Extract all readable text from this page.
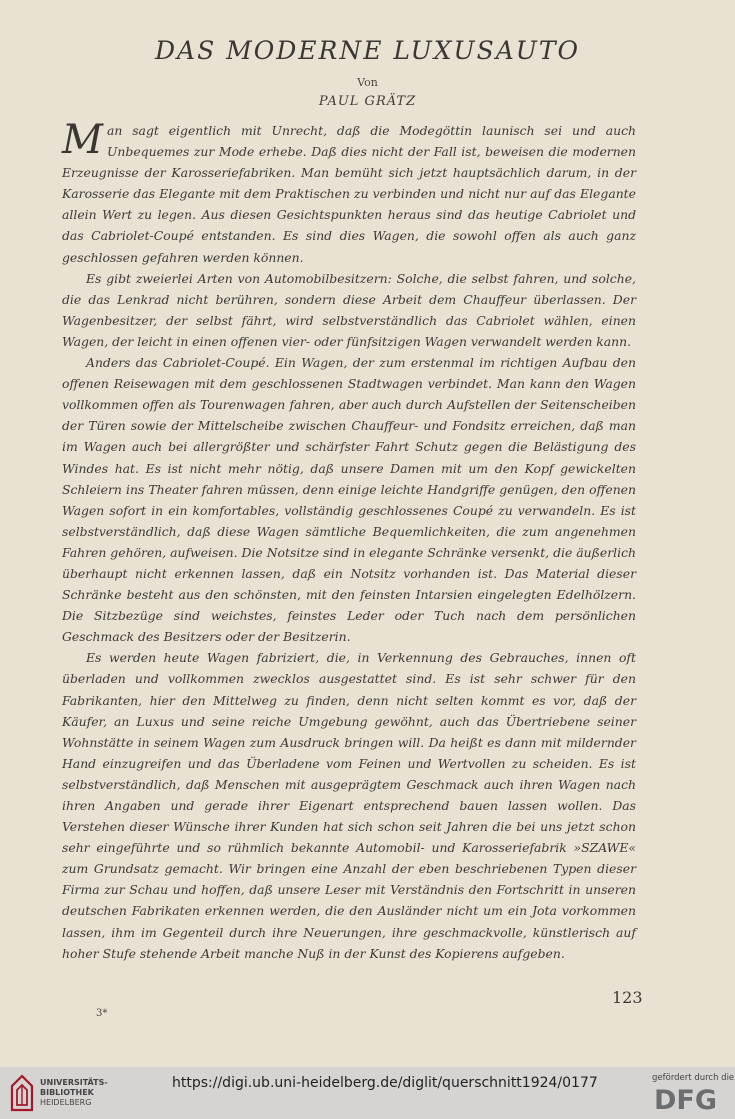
DAS MODERNE LUXUSAUTO
Von
PAUL GRÄTZ

Man sagt eigentlich mit Unrecht, daß die Modegöttin launisch sei und auch Unbequemes zur Mode erhebe. Daß dies nicht der Fall ist, beweisen die modernen Erzeugnisse der Karosseriefabriken. Man bemüht sich jetzt hauptsächlich darum, in der Karosserie das Elegante mit dem Praktischen zu verbinden und nicht nur auf das Elegante allein Wert zu legen. Aus diesen Gesichtspunkten heraus sind das heutige Cabriolet und das Cabriolet-Coupé entstanden. Es sind dies Wagen, die sowohl offen als auch ganz geschlossen gefahren werden können.

Es gibt zweierlei Arten von Automobilbesitzern: Solche, die selbst fahren, und solche, die das Lenkrad nicht berühren, sondern diese Arbeit dem Chauffeur überlassen. Der Wagenbesitzer, der selbst fährt, wird selbstverständlich das Cabriolet wählen, einen Wagen, der leicht in einen offenen vier- oder fünfsitzigen Wagen verwandelt werden kann.

Anders das Cabriolet-Coupé. Ein Wagen, der zum erstenmal im richtigen Aufbau den offenen Reisewagen mit dem geschlossenen Stadtwagen verbindet. Man kann den Wagen vollkommen offen als Tourenwagen fahren, aber auch durch Aufstellen der Seitenscheiben der Türen sowie der Mittelscheibe zwischen Chauffeur- und Fondsitz erreichen, daß man im Wagen auch bei allergrößter und schärfster Fahrt Schutz gegen die Belästigung des Windes hat. Es ist nicht mehr nötig, daß unsere Damen mit um den Kopf gewickelten Schleiern ins Theater fahren müssen, denn einige leichte Handgriffe genügen, den offenen Wagen sofort in ein komfortables, vollständig geschlossenes Coupé zu verwandeln. Es ist selbstverständlich, daß diese Wagen sämtliche Bequemlichkeiten, die zum angenehmen Fahren gehören, aufweisen. Die Notsitze sind in elegante Schränke versenkt, die äußerlich überhaupt nicht erkennen lassen, daß ein Notsitz vorhanden ist. Das Material dieser Schränke besteht aus den schönsten, mit den feinsten Intarsien eingelegten Edelhölzern. Die Sitzbezüge sind weichstes, feinstes Leder oder Tuch nach dem persönlichen Geschmack des Besitzers oder der Besitzerin.

Es werden heute Wagen fabriziert, die, in Verkennung des Gebrauches, innen oft überladen und vollkommen zwecklos ausgestattet sind. Es ist sehr schwer für den Fabrikanten, hier den Mittelweg zu finden, denn nicht selten kommt es vor, daß der Käufer, an Luxus und seine reiche Umgebung gewöhnt, auch das Übertriebene seiner Wohnstätte in seinem Wagen zum Ausdruck bringen will. Da heißt es dann mit mildernder Hand einzugreifen und das Überladene vom Feinen und Wertvollen zu scheiden. Es ist selbstverständlich, daß Menschen mit ausgeprägtem Geschmack auch ihren Wagen nach ihren Angaben und gerade ihrer Eigenart entsprechend bauen lassen wollen. Das Verstehen dieser Wünsche ihrer Kunden hat sich schon seit Jahren die bei uns jetzt schon sehr eingeführte und so rühmlich bekannte Automobil- und Karosseriefabrik »SZAWE« zum Grundsatz gemacht. Wir bringen eine Anzahl der eben beschriebenen Typen dieser Firma zur Schau und hoffen, daß unsere Leser mit Verständnis den Fortschritt in unseren deutschen Fabrikaten erkennen werden, die den Ausländer nicht um ein Jota vorkommen lassen, ihm im Gegenteil durch ihre Neuerungen, ihre geschmackvolle, künstlerisch auf hoher Stufe stehende Arbeit manche Nuß in der Kunst des Kopierens aufgeben.

123
3*
UNIVERSITÄTS-
BIBLIOTHEK
HEIDELBERG
https://digi.ub.uni-heidelberg.de/diglit/querschnitt1924/0177	gefördert durch die
DFG
